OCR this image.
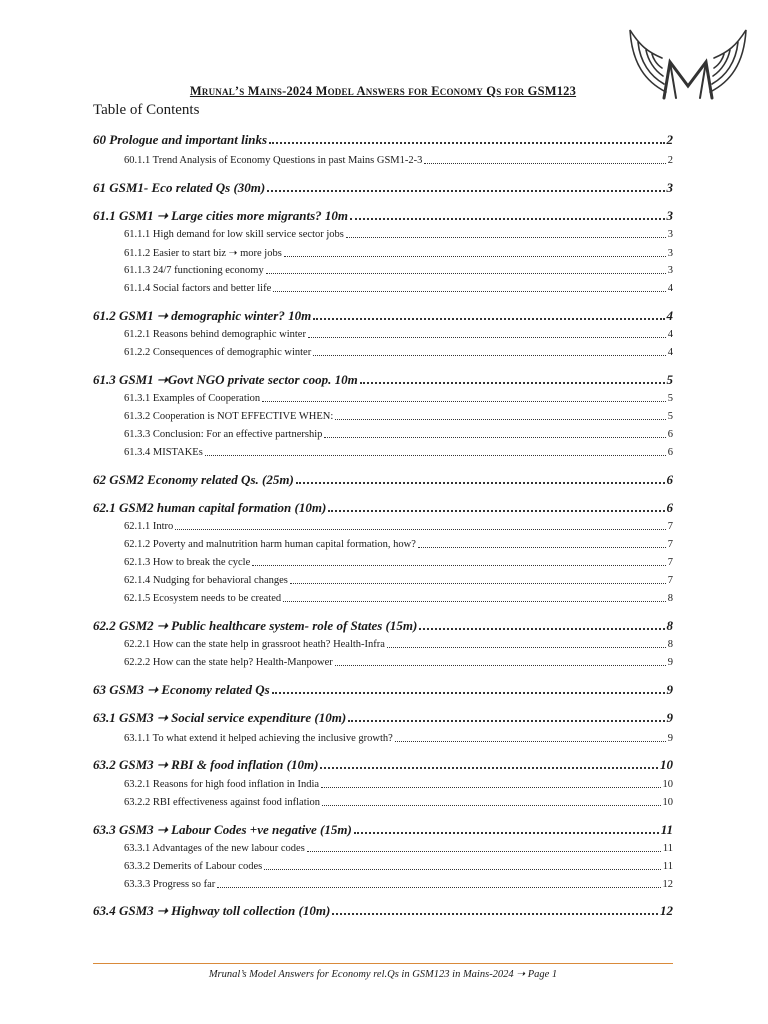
Mrunal’s Mains-2024 Model Answers for Economy Qs for GSM123
Table of Contents
60 Prologue and important links	2
60.1.1 Trend Analysis of Economy Questions in past Mains GSM1-2-3	2
61 GSM1- Eco related Qs (30m)	3
61.1 GSM1 ➝ Large cities more migrants? 10m	3
61.1.1 High demand for low skill service sector jobs	3
61.1.2 Easier to start biz ➝ more jobs	3
61.1.3 24/7 functioning economy	3
61.1.4 Social factors and better life	4
61.2 GSM1 ➝ demographic winter? 10m	4
61.2.1 Reasons behind demographic winter	4
61.2.2 Consequences of demographic winter	4
61.3 GSM1 ➝Govt NGO private sector coop. 10m	5
61.3.1 Examples of Cooperation	5
61.3.2 Cooperation is NOT EFFECTIVE WHEN:	5
61.3.3 Conclusion: For an effective partnership	6
61.3.4 MISTAKEs	6
62 GSM2 Economy related Qs. (25m)	6
62.1 GSM2 human capital formation (10m)	6
62.1.1 Intro	7
62.1.2 Poverty and malnutrition harm human capital formation, how?	7
62.1.3 How to break the cycle	7
62.1.4 Nudging for behavioral changes	7
62.1.5 Ecosystem needs to be created	8
62.2 GSM2 ➝ Public healthcare system- role of States (15m)	8
62.2.1 How can the state help in grassroot heath? Health-Infra	8
62.2.2 How can the state help? Health-Manpower	9
63 GSM3 ➝ Economy related Qs	9
63.1 GSM3 ➝ Social service expenditure (10m)	9
63.1.1 To what extend it helped achieving the inclusive growth?	9
63.2 GSM3 ➝ RBI & food inflation (10m)	10
63.2.1 Reasons for high food inflation in India	10
63.2.2 RBI effectiveness against food inflation	10
63.3 GSM3 ➝ Labour Codes +ve negative (15m)	11
63.3.1 Advantages of the new labour codes	11
63.3.2 Demerits of Labour codes	11
63.3.3 Progress so far	12
63.4 GSM3 ➝ Highway toll collection (10m)	12
Mrunal’s Model Answers for Economy rel.Qs in GSM123 in Mains-2024 ➝ Page 1
